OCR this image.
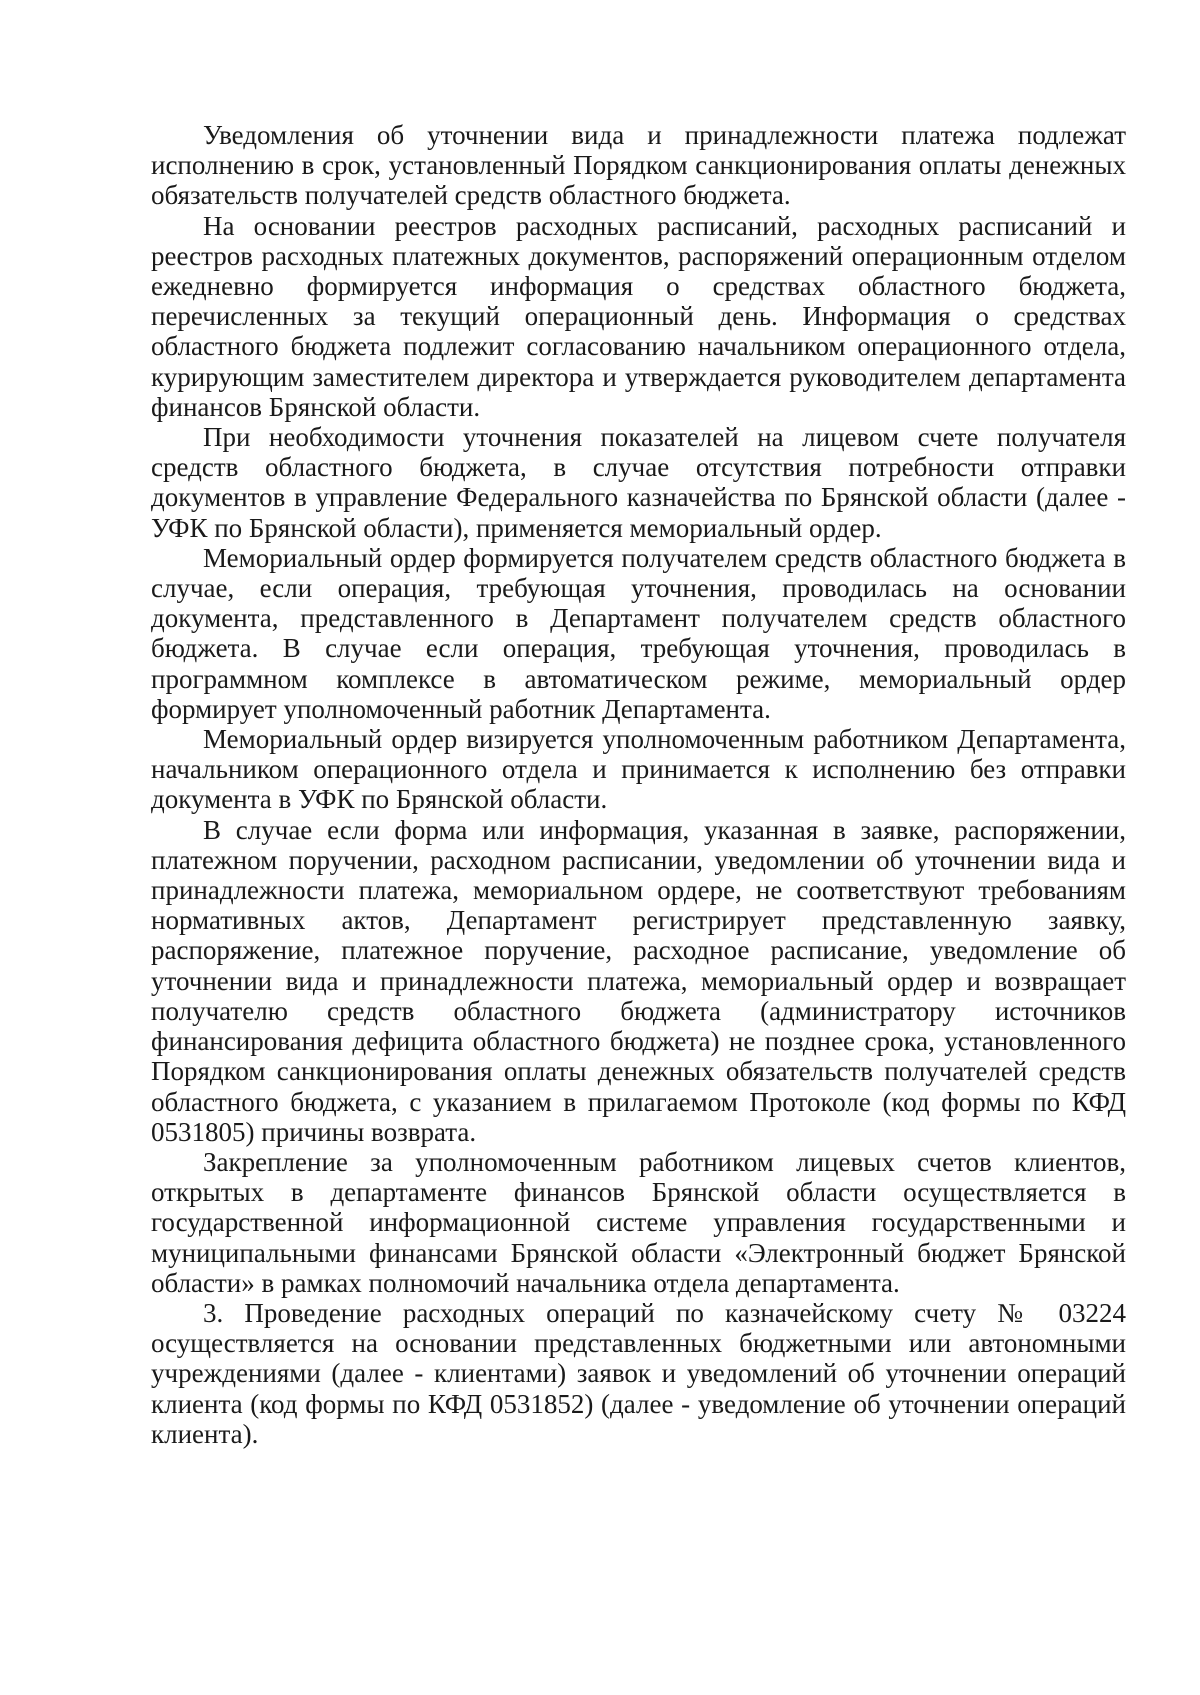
Уведомления об уточнении вида и принадлежности платежа подлежат исполнению в срок, установленный Порядком санкционирования оплаты денежных обязательств получателей средств областного бюджета.

На основании реестров расходных расписаний, расходных расписаний и реестров расходных платежных документов, распоряжений операционным отделом ежедневно формируется информация о средствах областного бюджета, перечисленных за текущий операционный день. Информация о средствах областного бюджета подлежит согласованию начальником операционного отдела, курирующим заместителем директора и утверждается руководителем департамента финансов Брянской области.

При необходимости уточнения показателей на лицевом счете получателя средств областного бюджета, в случае отсутствия потребности отправки документов в управление Федерального казначейства по Брянской области (далее - УФК по Брянской области), применяется мемориальный ордер.

Мемориальный ордер формируется получателем средств областного бюджета в случае, если операция, требующая уточнения, проводилась на основании документа, представленного в Департамент получателем средств областного бюджета. В случае если операция, требующая уточнения, проводилась в программном комплексе в автоматическом режиме, мемориальный ордер формирует уполномоченный работник Департамента.

Мемориальный ордер визируется уполномоченным работником Департамента, начальником операционного отдела и принимается к исполнению без отправки документа в УФК по Брянской области.

В случае если форма или информация, указанная в заявке, распоряжении, платежном поручении, расходном расписании, уведомлении об уточнении вида и принадлежности платежа, мемориальном ордере, не соответствуют требованиям нормативных актов, Департамент регистрирует представленную заявку, распоряжение, платежное поручение, расходное расписание, уведомление об уточнении вида и принадлежности платежа, мемориальный ордер и возвращает получателю средств областного бюджета (администратору источников финансирования дефицита областного бюджета) не позднее срока, установленного Порядком санкционирования оплаты денежных обязательств получателей средств областного бюджета, с указанием в прилагаемом Протоколе (код формы по КФД 0531805) причины возврата.

Закрепление за уполномоченным работником лицевых счетов клиентов, открытых в департаменте финансов Брянской области осуществляется в государственной информационной системе управления государственными и муниципальными финансами Брянской области «Электронный бюджет Брянской области» в рамках полномочий начальника отдела департамента.

3. Проведение расходных операций по казначейскому счету № 03224 осуществляется на основании представленных бюджетными или автономными учреждениями (далее - клиентами) заявок и уведомлений об уточнении операций клиента (код формы по КФД 0531852) (далее - уведомление об уточнении операций клиента).
